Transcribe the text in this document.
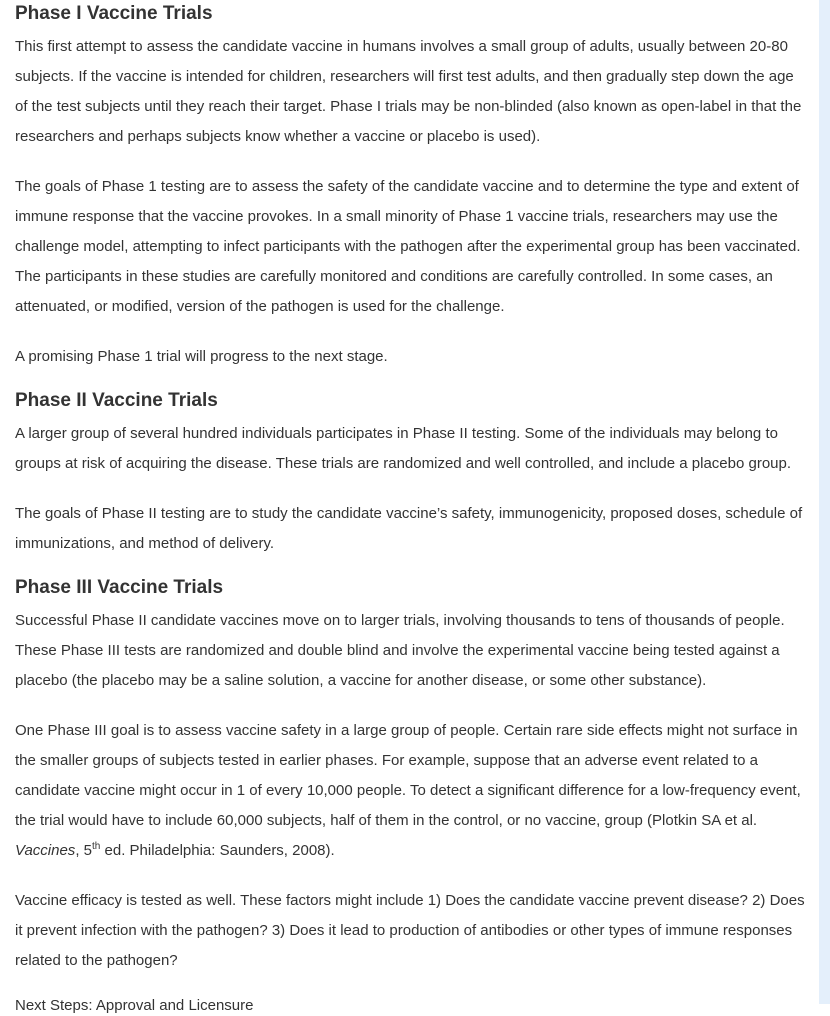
Phase I Vaccine Trials

This first attempt to assess the candidate vaccine in humans involves a small group of adults, usually between 20-80 subjects. If the vaccine is intended for children, researchers will first test adults, and then gradually step down the age of the test subjects until they reach their target. Phase I trials may be non-blinded (also known as open-label in that the researchers and perhaps subjects know whether a vaccine or placebo is used).

The goals of Phase 1 testing are to assess the safety of the candidate vaccine and to determine the type and extent of immune response that the vaccine provokes. In a small minority of Phase 1 vaccine trials, researchers may use the challenge model, attempting to infect participants with the pathogen after the experimental group has been vaccinated. The participants in these studies are carefully monitored and conditions are carefully controlled. In some cases, an attenuated, or modified, version of the pathogen is used for the challenge.

A promising Phase 1 trial will progress to the next stage.

Phase II Vaccine Trials

A larger group of several hundred individuals participates in Phase II testing. Some of the individuals may belong to groups at risk of acquiring the disease. These trials are randomized and well controlled, and include a placebo group.

The goals of Phase II testing are to study the candidate vaccine’s safety, immunogenicity, proposed doses, schedule of immunizations, and method of delivery.

Phase III Vaccine Trials

Successful Phase II candidate vaccines move on to larger trials, involving thousands to tens of thousands of people. These Phase III tests are randomized and double blind and involve the experimental vaccine being tested against a placebo (the placebo may be a saline solution, a vaccine for another disease, or some other substance).

One Phase III goal is to assess vaccine safety in a large group of people. Certain rare side effects might not surface in the smaller groups of subjects tested in earlier phases. For example, suppose that an adverse event related to a candidate vaccine might occur in 1 of every 10,000 people. To detect a significant difference for a low-frequency event, the trial would have to include 60,000 subjects, half of them in the control, or no vaccine, group (Plotkin SA et al. Vaccines, 5th ed. Philadelphia: Saunders, 2008).

Vaccine efficacy is tested as well. These factors might include 1) Does the candidate vaccine prevent disease? 2) Does it prevent infection with the pathogen? 3) Does it lead to production of antibodies or other types of immune responses related to the pathogen?

Next Steps: Approval and Licensure
